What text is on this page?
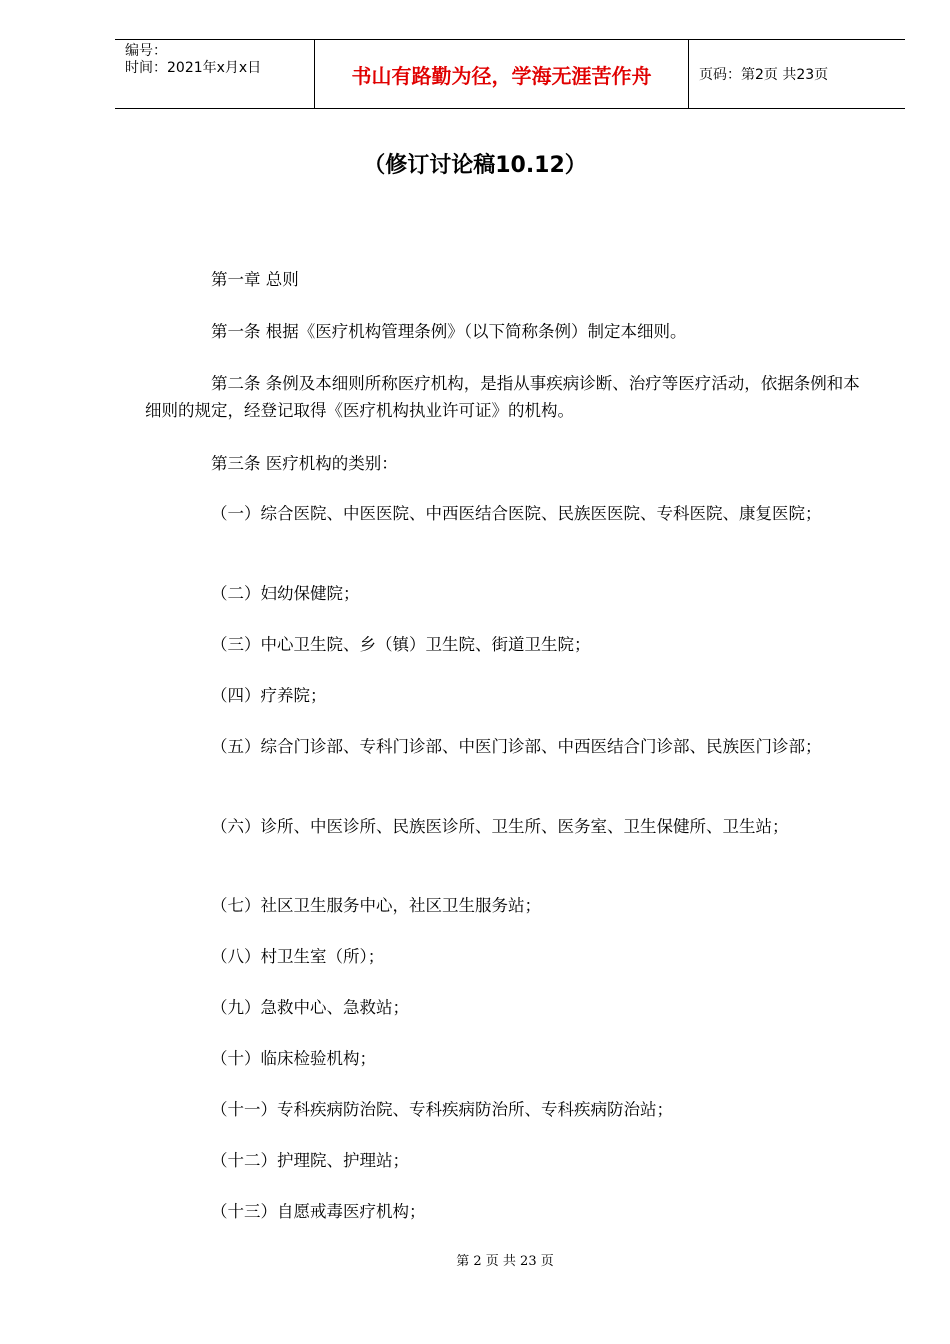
编号：
时间：2021年x月x日	书山有路勤为径，学海无涯苦作舟	页码：第2页 共23页
（修订讨论稿10.12）
第一章 总则
第一条 根据《医疗机构管理条例》（以下简称条例）制定本细则。
第二条 条例及本细则所称医疗机构，是指从事疾病诊断、治疗等医疗活动，依据条例和本细则的规定，经登记取得《医疗机构执业许可证》的机构。
第三条 医疗机构的类别：
（一）综合医院、中医医院、中西医结合医院、民族医医院、专科医院、康复医院；
（二）妇幼保健院；
（三）中心卫生院、乡（镇）卫生院、街道卫生院；
（四）疗养院；
（五）综合门诊部、专科门诊部、中医门诊部、中西医结合门诊部、民族医门诊部；
（六）诊所、中医诊所、民族医诊所、卫生所、医务室、卫生保健所、卫生站；
（七）社区卫生服务中心，社区卫生服务站；
（八）村卫生室（所）；
（九）急救中心、急救站；
（十）临床检验机构；
（十一）专科疾病防治院、专科疾病防治所、专科疾病防治站；
（十二）护理院、护理站；
（十三）自愿戒毒医疗机构；
第 2 页 共 23 页
